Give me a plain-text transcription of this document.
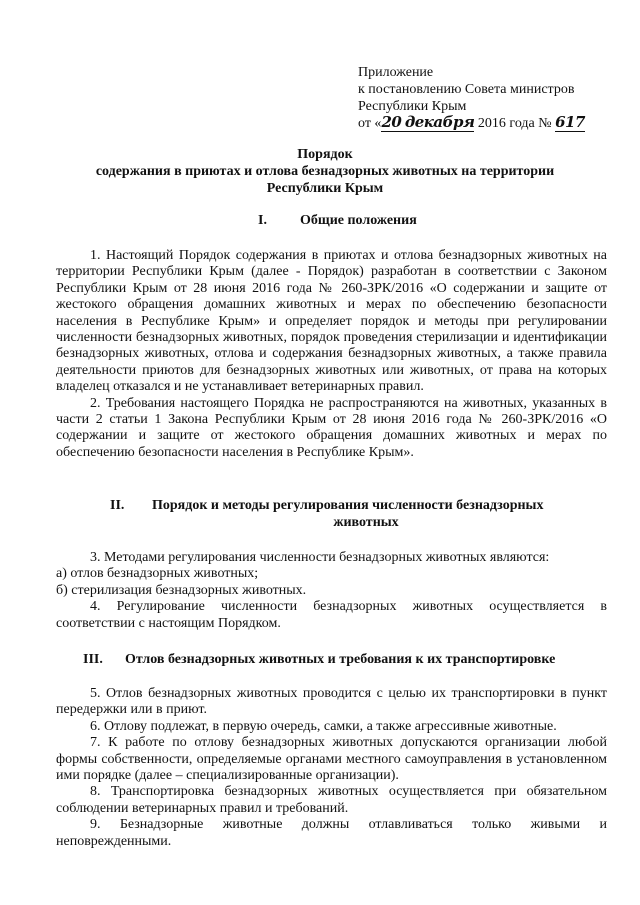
Приложение
к постановлению Совета министров
Республики Крым
от «20 декабря 2016 года № 617
Порядок
содержания в приютах и отлова безнадзорных животных на территории
Республики Крым
I. Общие положения

1. Настоящий Порядок содержания в приютах и отлова безнадзорных животных на территории Республики Крым (далее - Порядок) разработан в соответствии с Законом Республики Крым от 28 июня 2016 года № 260-ЗРК/2016 «О содержании и защите от жестокого обращения домашних животных и мерах по обеспечению безопасности населения в Республике Крым» и определяет порядок и методы при регулировании численности безнадзорных животных, порядок проведения стерилизации и идентификации безнадзорных животных, отлова и содержания безнадзорных животных, а также правила деятельности приютов для безнадзорных животных или животных, от права на которых владелец отказался и не устанавливает ветеринарных правил.

2. Требования настоящего Порядка не распространяются на животных, указанных в части 2 статьи 1 Закона Республики Крым от 28 июня 2016 года № 260-ЗРК/2016 «О содержании и защите от жестокого обращения домашних животных и мерах по обеспечению безопасности населения в Республике Крым».

II. Порядок и методы регулирования численности безнадзорных
животных

3. Методами регулирования численности безнадзорных животных являются:

а) отлов безнадзорных животных;

б) стерилизация безнадзорных животных.

4. Регулирование численности безнадзорных животных осуществляется в соответствии с настоящим Порядком.

III. Отлов безнадзорных животных и требования к их транспортировке

5. Отлов безнадзорных животных проводится с целью их транспортировки в пункт передержки или в приют.

6. Отлову подлежат, в первую очередь, самки, а также агрессивные животные.

7. К работе по отлову безнадзорных животных допускаются организации любой формы собственности, определяемые органами местного самоуправления в установленном ими порядке (далее – специализированные организации).

8. Транспортировка безнадзорных животных осуществляется при обязательном соблюдении ветеринарных правил и требований.

9. Безнадзорные животные должны отлавливаться только живыми и неповрежденными.
